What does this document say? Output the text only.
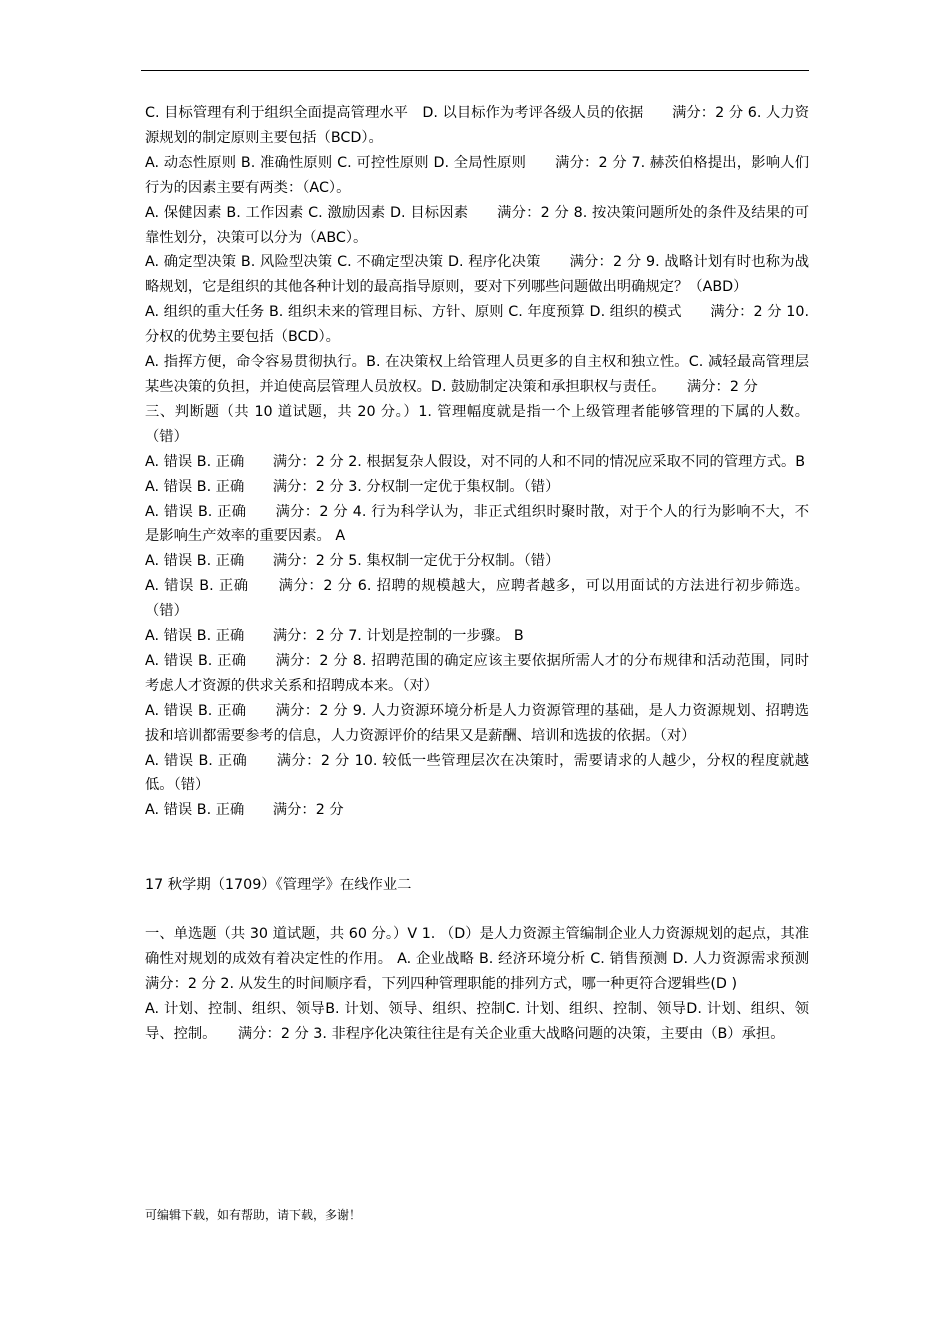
C. 目标管理有利于组织全面提高管理水平　D. 以目标作为考评各级人员的依据　　满分：2 分 6. 人力资源规划的制定原则主要包括（BCD）。

A. 动态性原则 B. 准确性原则 C. 可控性原则 D. 全局性原则　　满分：2 分 7. 赫茨伯格提出，影响人们行为的因素主要有两类：（AC）。

A. 保健因素 B. 工作因素 C. 激励因素 D. 目标因素　　满分：2 分 8. 按决策问题所处的条件及结果的可靠性划分，决策可以分为（ABC）。

A. 确定型决策 B. 风险型决策 C. 不确定型决策 D. 程序化决策　　满分：2 分 9. 战略计划有时也称为战略规划，它是组织的其他各种计划的最高指导原则，要对下列哪些问题做出明确规定？（ABD）

A. 组织的重大任务 B. 组织未来的管理目标、方针、原则 C. 年度预算 D. 组织的模式　　满分：2 分 10. 分权的优势主要包括（BCD）。

A. 指挥方便，命令容易贯彻执行。B. 在决策权上给管理人员更多的自主权和独立性。C. 减轻最高管理层某些决策的负担，并迫使高层管理人员放权。D. 鼓励制定决策和承担职权与责任。　　满分：2 分

三、判断题（共 10 道试题，共 20 分。）1. 管理幅度就是指一个上级管理者能够管理的下属的人数。（错）

A. 错误 B. 正确　　满分：2 分 2. 根据复杂人假设，对不同的人和不同的情况应采取不同的管理方式。B

A. 错误 B. 正确　　满分：2 分 3. 分权制一定优于集权制。（错）

A. 错误 B. 正确　　满分：2 分 4. 行为科学认为，非正式组织时聚时散，对于个人的行为影响不大，不是影响生产效率的重要因素。 A

A. 错误 B. 正确　　满分：2 分 5. 集权制一定优于分权制。（错）

A. 错误 B. 正确　　满分：2 分 6. 招聘的规模越大，应聘者越多，可以用面试的方法进行初步筛选。（错）

A. 错误 B. 正确　　满分：2 分 7. 计划是控制的一步骤。 B

A. 错误 B. 正确　　满分：2 分 8. 招聘范围的确定应该主要依据所需人才的分布规律和活动范围，同时考虑人才资源的供求关系和招聘成本来。（对）

A. 错误 B. 正确　　满分：2 分 9. 人力资源环境分析是人力资源管理的基础，是人力资源规划、招聘选拔和培训都需要参考的信息，人力资源评价的结果又是薪酬、培训和选拔的依据。（对）

A. 错误 B. 正确　　满分：2 分 10. 较低一些管理层次在决策时，需要请求的人越少，分权的程度就越低。（错）

A. 错误 B. 正确　　满分：2 分

17 秋学期（1709）《管理学》在线作业二

一、单选题（共 30 道试题，共 60 分。）V 1. （D）是人力资源主管编制企业人力资源规划的起点，其准确性对规划的成效有着决定性的作用。 A. 企业战略 B. 经济环境分析 C. 销售预测 D. 人力资源需求预测　　满分：2 分 2. 从发生的时间顺序看，下列四种管理职能的排列方式，哪一种更符合逻辑些(D )

A. 计划、控制、组织、领导B. 计划、领导、组织、控制C. 计划、组织、控制、领导D. 计划、组织、领导、控制。　　满分：2 分 3. 非程序化决策往往是有关企业重大战略问题的决策，主要由（B）承担。

可编辑下载，如有帮助，请下载，多谢！
